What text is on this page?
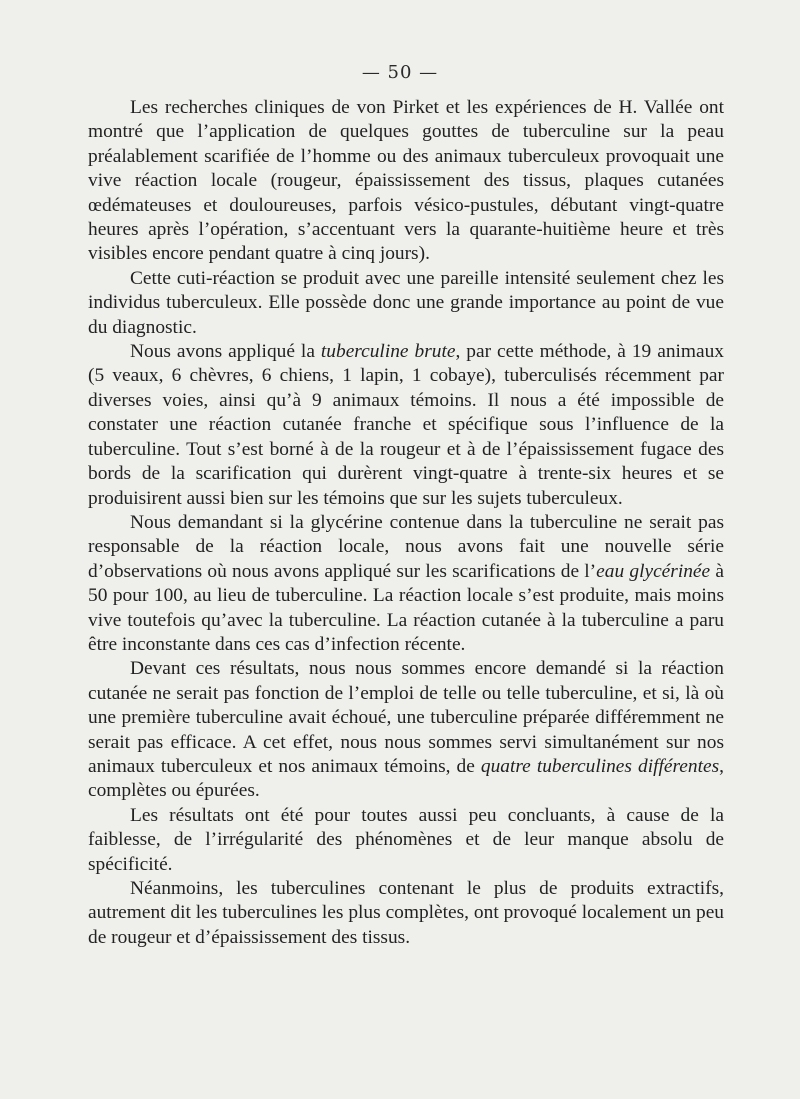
— 50 —

Les recherches cliniques de von Pirket et les expériences de H. Vallée ont montré que l’application de quelques gouttes de tuberculine sur la peau préalablement scarifiée de l’homme ou des animaux tuberculeux provoquait une vive réaction locale (rougeur, épaississement des tissus, plaques cutanées œdémateuses et douloureuses, parfois vésico-pustules, débutant vingt-quatre heures après l’opération, s’accentuant vers la quarante-huitième heure et très visibles encore pendant quatre à cinq jours).

Cette cuti-réaction se produit avec une pareille intensité seulement chez les individus tuberculeux. Elle possède donc une grande importance au point de vue du diagnostic.

Nous avons appliqué la tuberculine brute, par cette méthode, à 19 animaux (5 veaux, 6 chèvres, 6 chiens, 1 lapin, 1 cobaye), tuberculisés récemment par diverses voies, ainsi qu’à 9 animaux témoins. Il nous a été impossible de constater une réaction cutanée franche et spécifique sous l’influence de la tuberculine. Tout s’est borné à de la rougeur et à de l’épaississement fugace des bords de la scarification qui durèrent vingt-quatre à trente-six heures et se produisirent aussi bien sur les témoins que sur les sujets tuberculeux.

Nous demandant si la glycérine contenue dans la tuberculine ne serait pas responsable de la réaction locale, nous avons fait une nouvelle série d’observations où nous avons appliqué sur les scarifications de l’eau glycérinée à 50 pour 100, au lieu de tuberculine. La réaction locale s’est produite, mais moins vive toutefois qu’avec la tuberculine. La réaction cutanée à la tuberculine a paru être inconstante dans ces cas d’infection récente.

Devant ces résultats, nous nous sommes encore demandé si la réaction cutanée ne serait pas fonction de l’emploi de telle ou telle tuberculine, et si, là où une première tuberculine avait échoué, une tuberculine préparée différemment ne serait pas efficace. A cet effet, nous nous sommes servi simultanément sur nos animaux tuberculeux et nos animaux témoins, de quatre tuberculines différentes, complètes ou épurées.

Les résultats ont été pour toutes aussi peu concluants, à cause de la faiblesse, de l’irrégularité des phénomènes et de leur manque absolu de spécificité.

Néanmoins, les tuberculines contenant le plus de produits extractifs, autrement dit les tuberculines les plus complètes, ont provoqué localement un peu de rougeur et d’épaississement des tissus.
